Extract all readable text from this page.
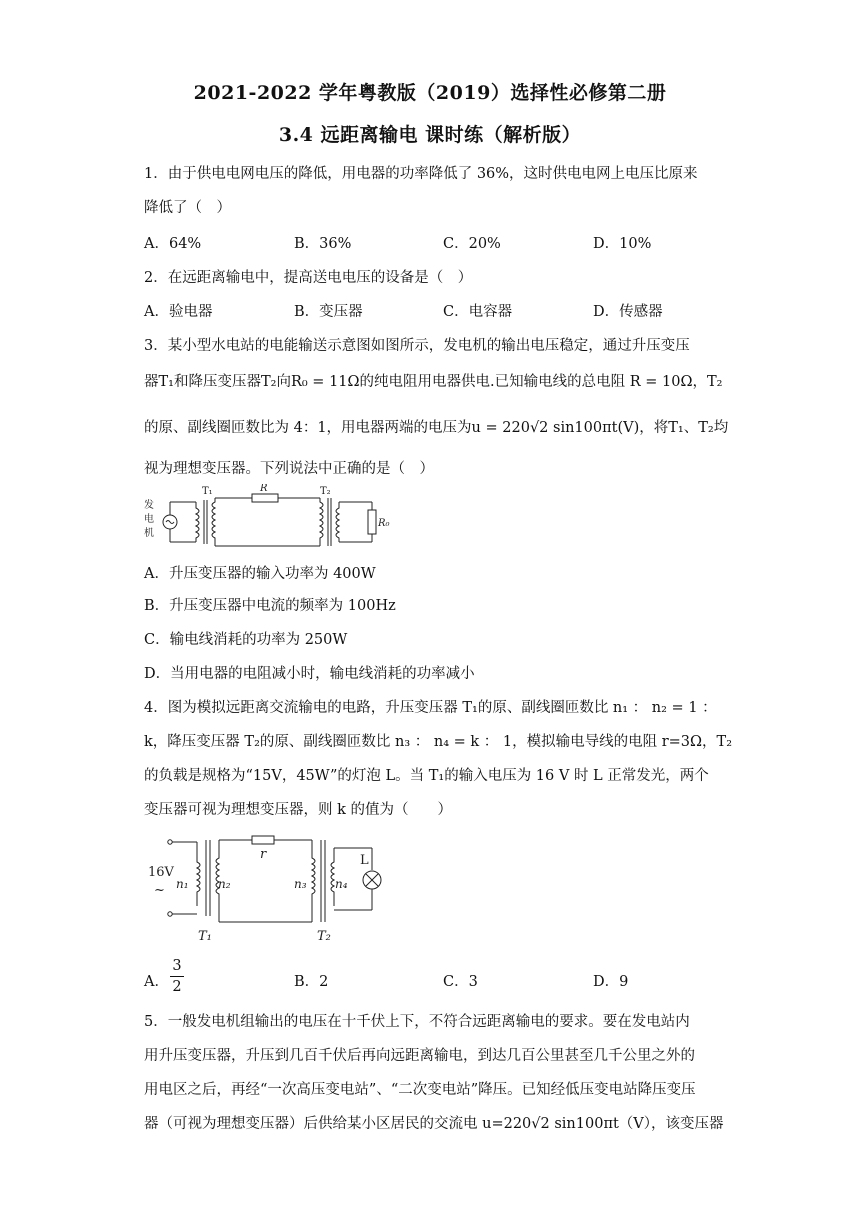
2021-2022 学年粤教版（2019）选择性必修第二册
3.4 远距离输电 课时练（解析版）
1．由于供电电网电压的降低，用电器的功率降低了 36%，这时供电电网上电压比原来
降低了（　）
A．64%	B．36%	C．20%	D．10%
2．在远距离输电中，提高送电电压的设备是（　）
A．验电器	B．变压器	C．电容器	D．传感器
3．某小型水电站的电能输送示意图如图所示，发电机的输出电压稳定，通过升压变压
器T₁和降压变压器T₂向R₀ = 11Ω的纯电阻用电器供电.已知输电线的总电阻 R = 10Ω，T₂
的原、副线圈匝数比为 4：1，用电器两端的电压为u = 220√2 sin100πt(V)，将T₁、T₂均
视为理想变压器。下列说法中正确的是（　）
发
电
机
T₁	R	T₂
R₀
A．升压变压器的输入功率为 400W
B．升压变压器中电流的频率为 100Hz
C．输电线消耗的功率为 250W
D．当用电器的电阻减小时，输电线消耗的功率减小
4．图为模拟远距离交流输电的电路，升压变压器 T₁的原、副线圈匝数比 n₁ ： n₂ = 1 ：
k，降压变压器 T₂的原、副线圈匝数比 n₃ ： n₄ = k ： 1，模拟输电导线的电阻 r=3Ω，T₂
的负载是规格为“15V，45W”的灯泡 L。当 T₁的输入电压为 16 V 时 L 正常发光，两个
变压器可视为理想变压器，则 k 的值为（　　）
16V
~ n₁ n₂	n₃ n₄
r	L
T₁	T₂
A．
3
2	B．2	C．3	D．9
5．一般发电机组输出的电压在十千伏上下，不符合远距离输电的要求。要在发电站内
用升压变压器，升压到几百千伏后再向远距离输电，到达几百公里甚至几千公里之外的
用电区之后，再经“一次高压变电站”、“二次变电站”降压。已知经低压变电站降压变压
器（可视为理想变压器）后供给某小区居民的交流电 u=220√2 sin100πt（V），该变压器
